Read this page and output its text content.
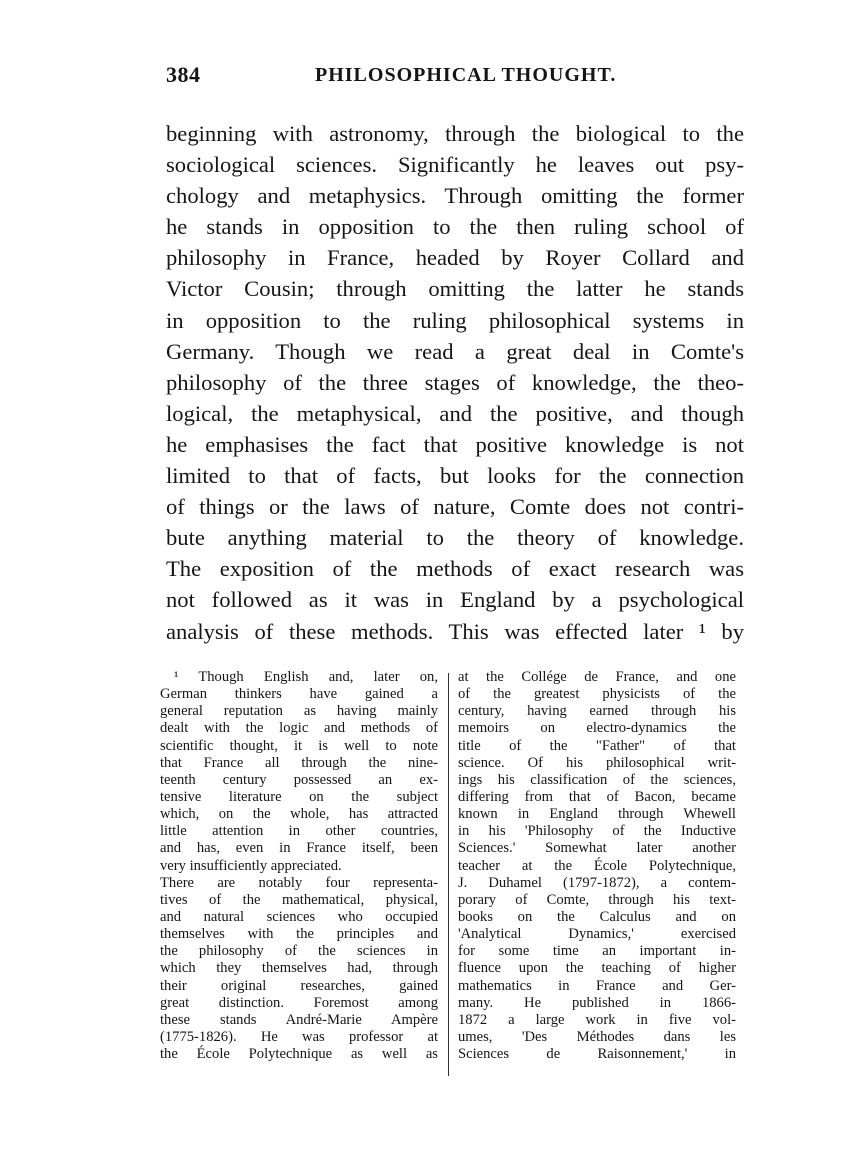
384	PHILOSOPHICAL THOUGHT.
beginning with astronomy, through the biological to the
sociological sciences. Significantly he leaves out psy-
chology and metaphysics. Through omitting the former
he stands in opposition to the then ruling school of
philosophy in France, headed by Royer Collard and
Victor Cousin; through omitting the latter he stands
in opposition to the ruling philosophical systems in
Germany. Though we read a great deal in Comte's
philosophy of the three stages of knowledge, the theo-
logical, the metaphysical, and the positive, and though
he emphasises the fact that positive knowledge is not
limited to that of facts, but looks for the connection
of things or the laws of nature, Comte does not contri-
bute anything material to the theory of knowledge.
The exposition of the methods of exact research was
not followed as it was in England by a psychological
analysis of these methods. This was effected later ¹ by
¹ Though English and, later on,
German thinkers have gained a
general reputation as having mainly
dealt with the logic and methods of
scientific thought, it is well to note
that France all through the nine-
teenth century possessed an ex-
tensive literature on the subject
which, on the whole, has attracted
little attention in other countries,
and has, even in France itself, been
very insufficiently appreciated.
There are notably four representa-
tives of the mathematical, physical,
and natural sciences who occupied
themselves with the principles and
the philosophy of the sciences in
which they themselves had, through
their original researches, gained
great distinction. Foremost among
these stands André-Marie Ampère
(1775-1826). He was professor at
the École Polytechnique as well as
at the Collége de France, and one
of the greatest physicists of the
century, having earned through his
memoirs on electro-dynamics the
title of the "Father" of that
science. Of his philosophical writ-
ings his classification of the sciences,
differing from that of Bacon, became
known in England through Whewell
in his 'Philosophy of the Inductive
Sciences.' Somewhat later another
teacher at the École Polytechnique,
J. Duhamel (1797-1872), a contem-
porary of Comte, through his text-
books on the Calculus and on
'Analytical Dynamics,' exercised
for some time an important in-
fluence upon the teaching of higher
mathematics in France and Ger-
many. He published in 1866-
1872 a large work in five vol-
umes, 'Des Méthodes dans les
Sciences de Raisonnement,' in
